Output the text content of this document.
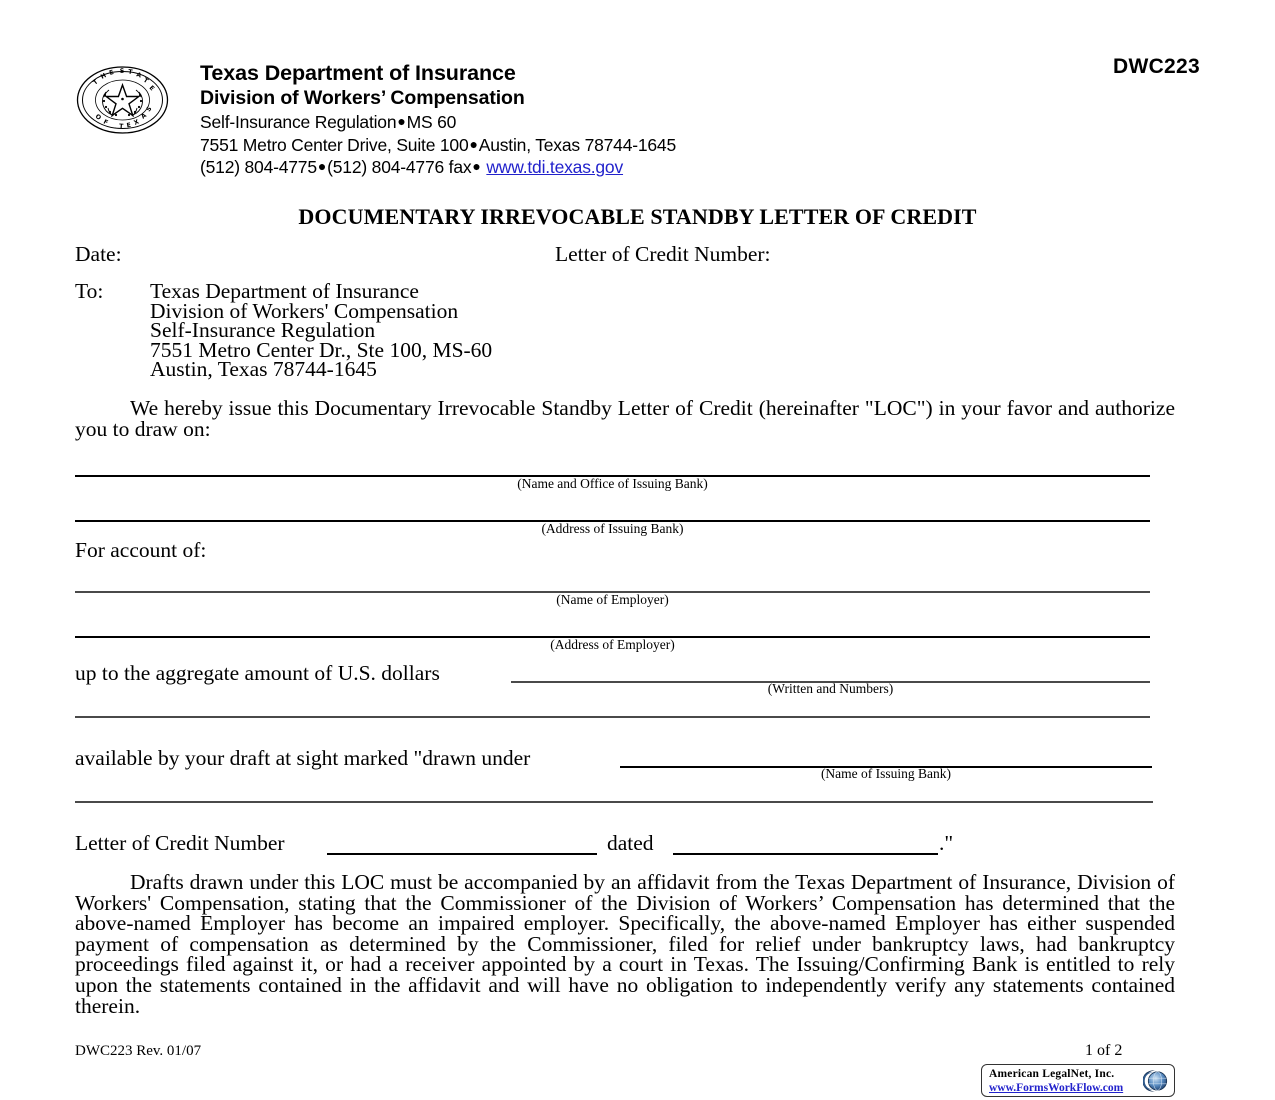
T
H E S T A
T
E
O
F T E X
A
S
Texas Department of Insurance
Division of Workers’ Compensation
Self-Insurance Regulation●MS 60
7551 Metro Center Drive, Suite 100●Austin, Texas 78744-1645
(512) 804-4775●(512) 804-4776 fax● www.tdi.texas.gov
DWC223
DOCUMENTARY IRREVOCABLE STANDBY LETTER OF CREDIT
Date:	Letter of Credit Number:
To: Texas Department of Insurance
Division of Workers' Compensation
Self-Insurance Regulation
7551 Metro Center Dr., Ste 100, MS-60
Austin, Texas 78744-1645
We hereby issue this Documentary Irrevocable Standby Letter of Credit (hereinafter "LOC") in your favor and authorize you to draw on:
(Name and Office of Issuing Bank)
(Address of Issuing Bank)
For account of:
(Name of Employer)
(Address of Employer)
up to the aggregate amount of U.S. dollars
(Written and Numbers)
available by your draft at sight marked "drawn under
(Name of Issuing Bank)
Letter of Credit Number	dated	."
Drafts drawn under this LOC must be accompanied by an affidavit from the Texas Department of Insurance, Division of Workers' Compensation, stating that the Commissioner of the Division of Workers’ Compensation has determined that the above-named Employer has become an impaired employer. Specifically, the above-named Employer has either suspended payment of compensation as determined by the Commissioner, filed for relief under bankruptcy laws, had bankruptcy proceedings filed against it, or had a receiver appointed by a court in Texas. The Issuing/Confirming Bank is entitled to rely upon the statements contained in the affidavit and will have no obligation to independently verify any statements contained therein.
DWC223 Rev. 01/07	1 of 2
American LegalNet, Inc.
www.FormsWorkFlow.com
